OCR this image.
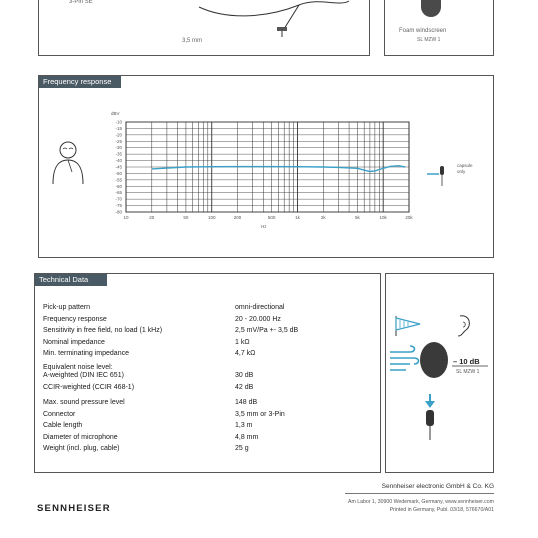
3-Pin SE
3,5 mm
Foam windscreen
SL MZW 1
Frequency response
dBV
-10
-15
-20
-25
-30
-35
-40
-45
-50
-55
-60
-65
-70
-75
-80
10	20	50	100	200	500	1k	2k	5k	10k	20k
Hz
capsule
only
Technical Data
Pick-up pattern	omni-directional
Frequency response	20 - 20.000 Hz
Sensitivity in free field, no load (1 kHz)	2,5 mV/Pa +- 3,5 dB
Nominal impedance	1 kΩ
Min. terminating impedance	4,7 kΩ
Equivalent noise level:
A-weighted (DIN IEC 651)	30 dB
CCIR-weighted (CCIR 468-1)	42 dB
Max. sound pressure level	148 dB
Connector	3,5 mm or 3-Pin
Cable length	1,3 m
Diameter of microphone	4,8 mm
Weight (incl. plug, cable)	25 g
– 10 dB
SL MZW 1
SENNHEISER
Sennheiser electronic GmbH & Co. KG
Am Labor 1, 30900 Wedemark, Germany, www.sennheiser.com
Printed in Germany, Publ. 03/18, 576670/A01
